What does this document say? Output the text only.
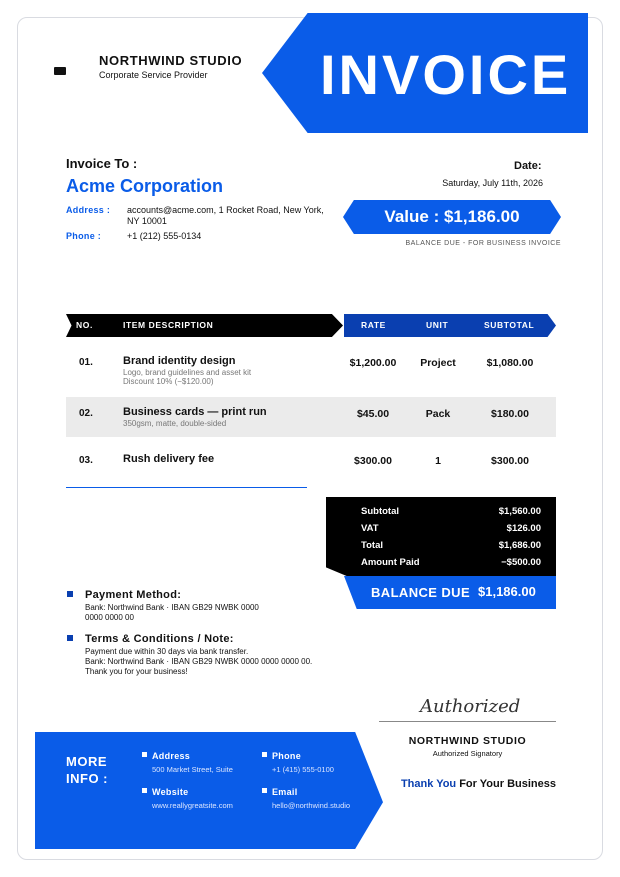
NORTHWIND STUDIO
Corporate Service Provider INVOICE
Invoice To :
Acme Corporation
Address : accounts@acme.com, 1 Rocket Road, New York, NY 10001
Phone :	+1 (212) 555-0134
Date:
Saturday, July 11th, 2026
Value : $1,186.00
BALANCE DUE - FOR BUSINESS INVOICE
NO.	ITEM DESCRIPTION	RATE	UNIT	SUBTOTAL
01.	Brand identity design
Logo, brand guidelines and asset kit
Discount 10% (−$120.00)
$1,200.00	Project	$1,080.00
02.	Business cards — print run
350gsm, matte, double-sided
$45.00	Pack	$180.00
03.	Rush delivery fee	$300.00	1	$300.00
Subtotal	$1,560.00
VAT	$126.00
Total	$1,686.00
Amount Paid	−$500.00
BALANCE DUE $1,186.00
Payment Method:
Bank: Northwind Bank · IBAN GB29 NWBK 0000
0000 0000 00
Terms & Conditions / Note:
Payment due within 30 days via bank transfer.
Bank: Northwind Bank · IBAN GB29 NWBK 0000 0000 0000 00.
Thank you for your business!
Authorized
NORTHWIND STUDIO
Authorized Signatory
Thank You For Your Business
MORE
INFO :
Address
500 Market Street, Suite
Phone
+1 (415) 555-0100
Website
www.reallygreatsite.com
Email
hello@northwind.studio
